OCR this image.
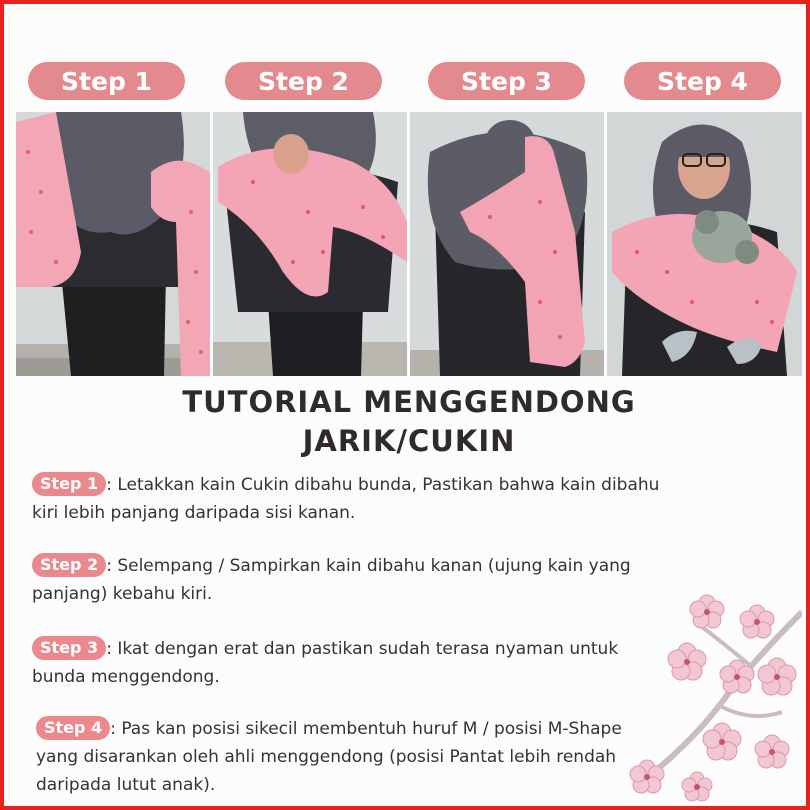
Step 1	Step 2	Step 3	Step 4
TUTORIAL MENGGENDONG
JARIK/CUKIN
Step 1 : Letakkan kain Cukin dibahu bunda, Pastikan bahwa kain dibahu kiri lebih panjang daripada sisi kanan.
Step 2 : Selempang / Sampirkan kain dibahu kanan (ujung kain yang panjang) kebahu kiri.
Step 3 : Ikat dengan erat dan pastikan sudah terasa nyaman untuk bunda menggendong.
Step 4 : Pas kan posisi sikecil membentuh huruf M / posisi M-Shape yang disarankan oleh ahli menggendong (posisi Pantat lebih rendah daripada lutut anak).
